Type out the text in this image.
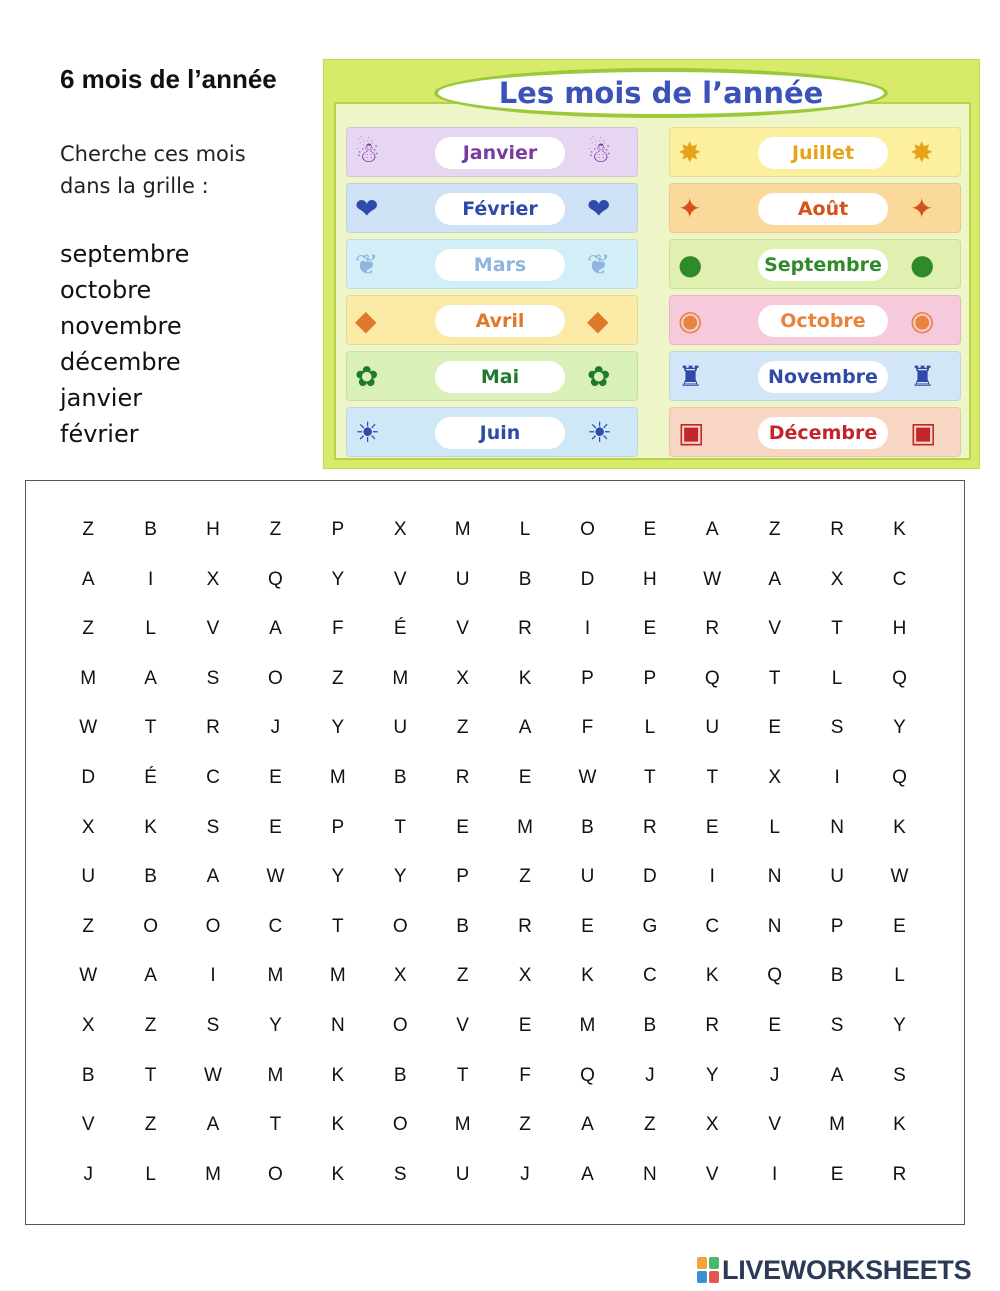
6 mois de l’année
Cherche ces mois
dans la grille :
septembre
octobre
novembre
décembre
janvier
février
Les mois de l’année
☃	Janvier	☃
❤	Février	❤
❦	Mars	❦
◆	Avril	◆
✿	Mai	✿
☀	Juin	☀
✸	Juillet	✸
✦	Août	✦
●	Septembre ●
◉	Octobre	◉
♜	Novembre	♜
▣	Décembre	▣
Z	B	H	Z	P	X	M	L	O	E	A	Z	R	K
A	I	X	Q	Y	V	U	B	D	H	W	A	X	C
Z	L	V	A	F	É	V	R	I	E	R	V	T	H
M	A	S	O	Z	M	X	K	P	P	Q	T	L	Q
W	T	R	J	Y	U	Z	A	F	L	U	E	S	Y
D	É	C	E	M	B	R	E	W	T	T	X	I	Q
X	K	S	E	P	T	E	M	B	R	E	L	N	K
U	B	A	W	Y	Y	P	Z	U	D	I	N	U	W
Z	O	O	C	T	O	B	R	E	G	C	N	P	E
W	A	I	M	M	X	Z	X	K	C	K	Q	B	L
X	Z	S	Y	N	O	V	E	M	B	R	E	S	Y
B	T	W	M	K	B	T	F	Q	J	Y	J	A	S
V	Z	A	T	K	O	M	Z	A	Z	X	V	M	K
J	L	M	O	K	S	U	J	A	N	V	I	E	R
LIVEWORKSHEETS
